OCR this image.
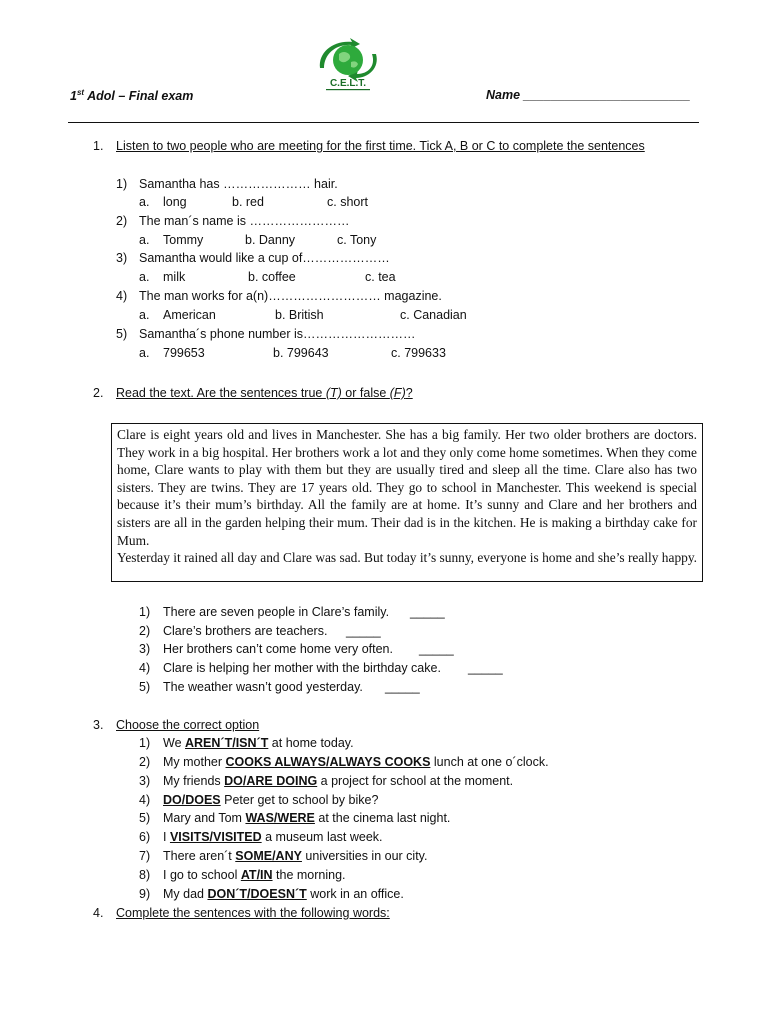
C.E.L.T.
1st Adol – Final exam	Name ________________________
1. Listen to two people who are meeting for the first time. Tick A, B or C to complete the sentences
1) Samantha has ………………… hair.
a. long	b. red	c. short
2) The man´s name is ……………………
a. Tommy	b. Danny	c. Tony
3) Samantha would like a cup of…………………
a. milk	b. coffee	c. tea
4) The man works for a(n)……………………… magazine.
a. American	b. British	c. Canadian
5) Samantha´s phone number is………………………
a. 799653	b. 799643	c. 799633
2. Read the text. Are the sentences true (T) or false (F)?

Clare is eight years old and lives in Manchester. She has a big family. Her two older brothers are doctors. They work in a big hospital. Her brothers work a lot and they only come home sometimes. When they come home, Clare wants to play with them but they are usually tired and sleep all the time. Clare also has two sisters. They are twins. They are 17 years old. They go to school in Manchester. This weekend is special because it’s their mum’s birthday. All the family are at home. It’s sunny and Clare and her brothers and sisters are all in the garden helping their mum. Their dad is in the kitchen. He is making a birthday cake for Mum.

Yesterday it rained all day and Clare was sad. But today it’s sunny, everyone is home and she’s really happy.

1) There are seven people in Clare’s family. _____
2) Clare’s brothers are teachers. _____
3) Her brothers can’t come home very often. _____
4) Clare is helping her mother with the birthday cake. _____
5) The weather wasn’t good yesterday. _____
3. Choose the correct option
1) We AREN´T/ISN´T at home today.
2) My mother COOKS ALWAYS/ALWAYS COOKS lunch at one o´clock.
3) My friends DO/ARE DOING a project for school at the moment.
4) DO/DOES Peter get to school by bike?
5) Mary and Tom WAS/WERE at the cinema last night.
6) I VISITS/VISITED a museum last week.
7) There aren´t SOME/ANY universities in our city.
8) I go to school AT/IN the morning.
9) My dad DON´T/DOESN´T work in an office.
4. Complete the sentences with the following words:
